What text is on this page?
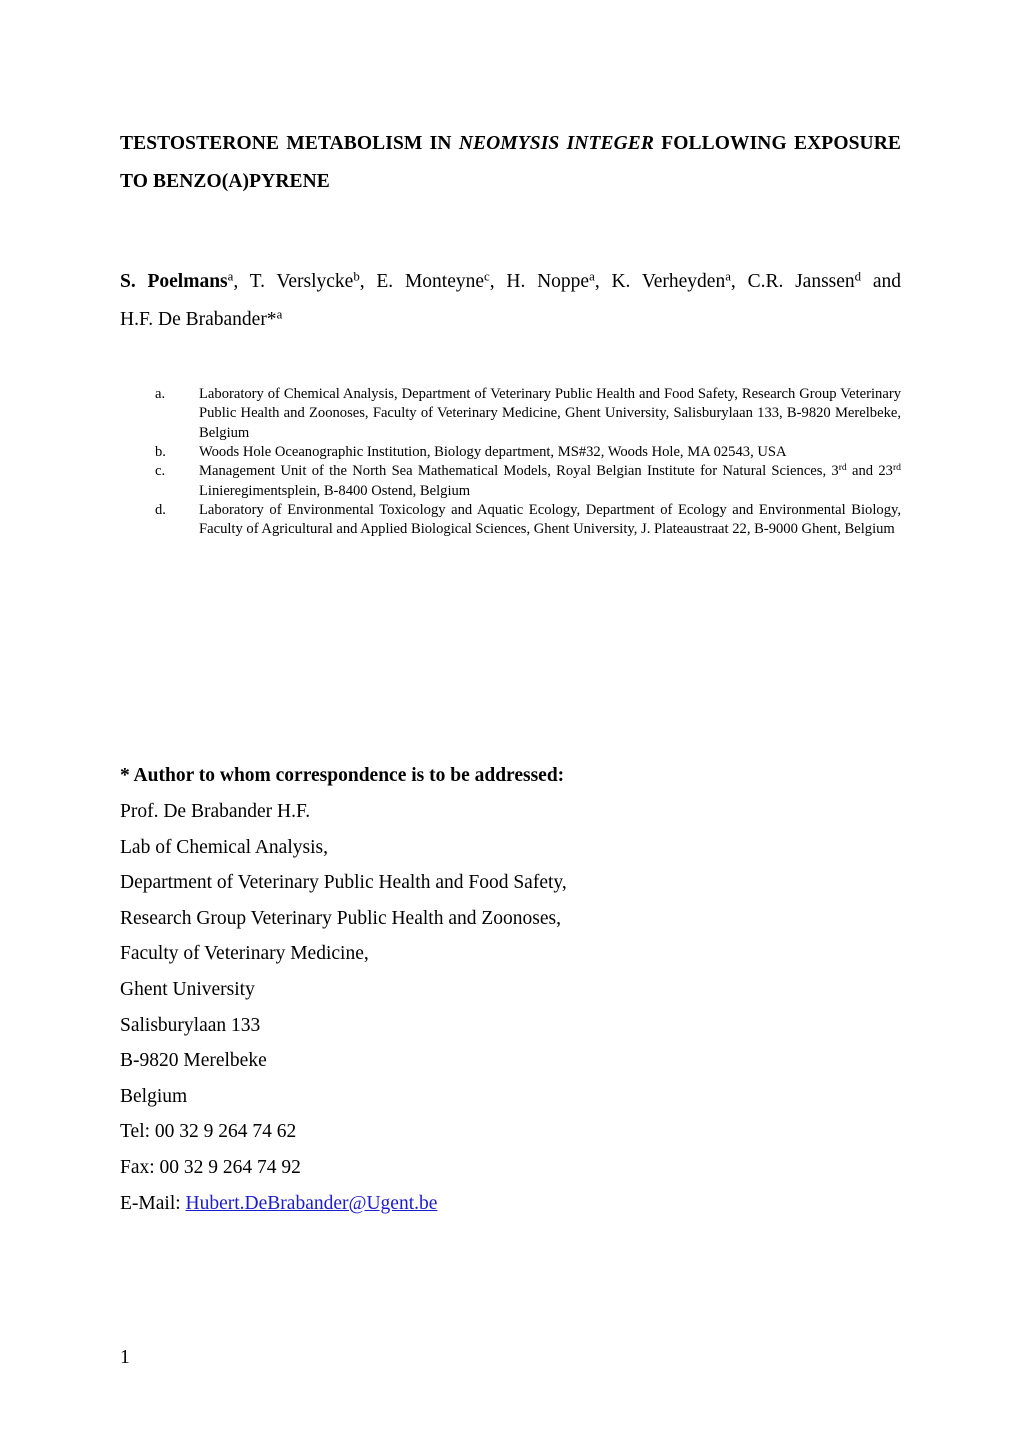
TESTOSTERONE METABOLISM IN NEOMYSIS INTEGER FOLLOWING EXPOSURE
TO BENZO(A)PYRENE
S. Poelmans$^a$, T. Verslycke$^b$, E. Monteyne$^c$, H. Noppe$^a$, K. Verheyden$^a$, C.R. Janssen$^d$ and
H.F. De Brabander*$^a$
a.	Laboratory of Chemical Analysis, Department of Veterinary Public Health and Food Safety, Research Group Veterinary Public Health and Zoonoses, Faculty of Veterinary Medicine, Ghent University, Salisburylaan 133, B-9820 Merelbeke, Belgium
b.	Woods Hole Oceanographic Institution, Biology department, MS#32, Woods Hole, MA 02543, USA
c.	Management Unit of the North Sea Mathematical Models, Royal Belgian Institute for Natural Sciences, 3rd and 23rd Linieregimentsplein, B-8400 Ostend, Belgium
d.	Laboratory of Environmental Toxicology and Aquatic Ecology, Department of Ecology and Environmental Biology, Faculty of Agricultural and Applied Biological Sciences, Ghent University, J. Plateaustraat 22, B-9000 Ghent, Belgium
* Author to whom correspondence is to be addressed:
Prof. De Brabander H.F.
Lab of Chemical Analysis,
Department of Veterinary Public Health and Food Safety,
Research Group Veterinary Public Health and Zoonoses,
Faculty of Veterinary Medicine,
Ghent University
Salisburylaan 133
B-9820 Merelbeke
Belgium
Tel: 00 32 9 264 74 62
Fax: 00 32 9 264 74 92
E-Mail: Hubert.DeBrabander@Ugent.be
1
